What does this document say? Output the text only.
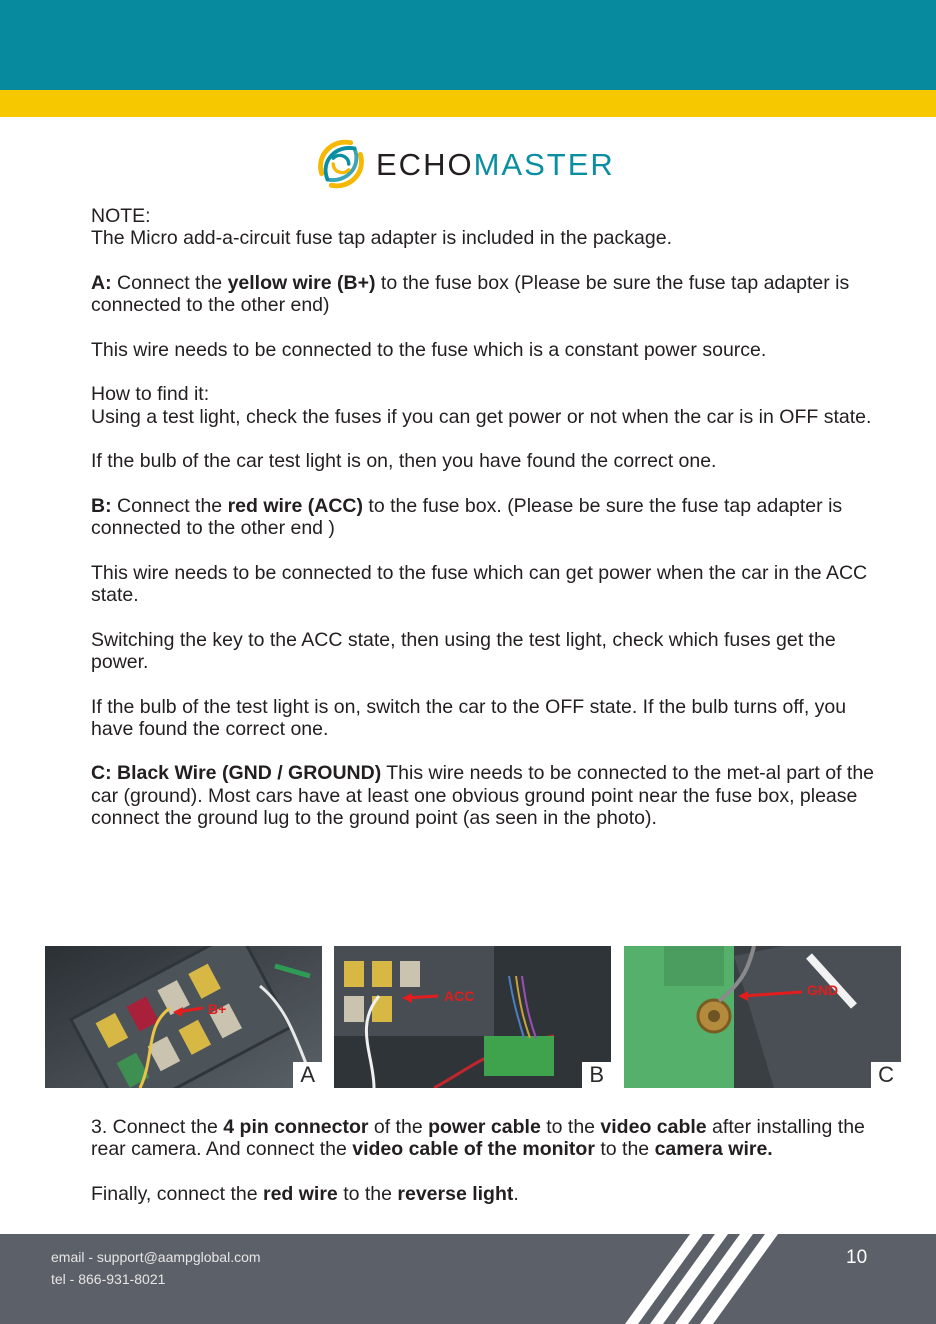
ECHOMASTER

NOTE:
The Micro add-a-circuit fuse tap adapter is included in the package.

A: Connect the yellow wire (B+) to the fuse box (Please be sure the fuse tap adapter is connected to the other end)

This wire needs to be connected to the fuse which is a constant power source.

How to find it:
Using a test light, check the fuses if you can get power or not when the car is in OFF state.

If the bulb of the car test light is on, then you have found the correct one.

B: Connect the red wire (ACC) to the fuse box. (Please be sure the fuse tap adapter is connected to the other end )

This wire needs to be connected to the fuse which can get power when the car in the ACC state.

Switching the key to the ACC state, then using the test light, check which fuses get the power.

If the bulb of the test light is on, switch the car to the OFF state. If the bulb turns off, you have found the correct one.

C: Black Wire (GND / GROUND) This wire needs to be connected to the met-al part of the car (ground). Most cars have at least one obvious ground point near the fuse box, please connect the ground lug to the ground point (as seen in the photo).

B+
A
ACC
B
GND
C

3. Connect the 4 pin connector of the power cable to the video cable after installing the rear camera. And connect the video cable of the monitor to the camera wire.

Finally, connect the red wire to the reverse light.

email - support@aampglobal.com
tel - 866-931-8021
10
